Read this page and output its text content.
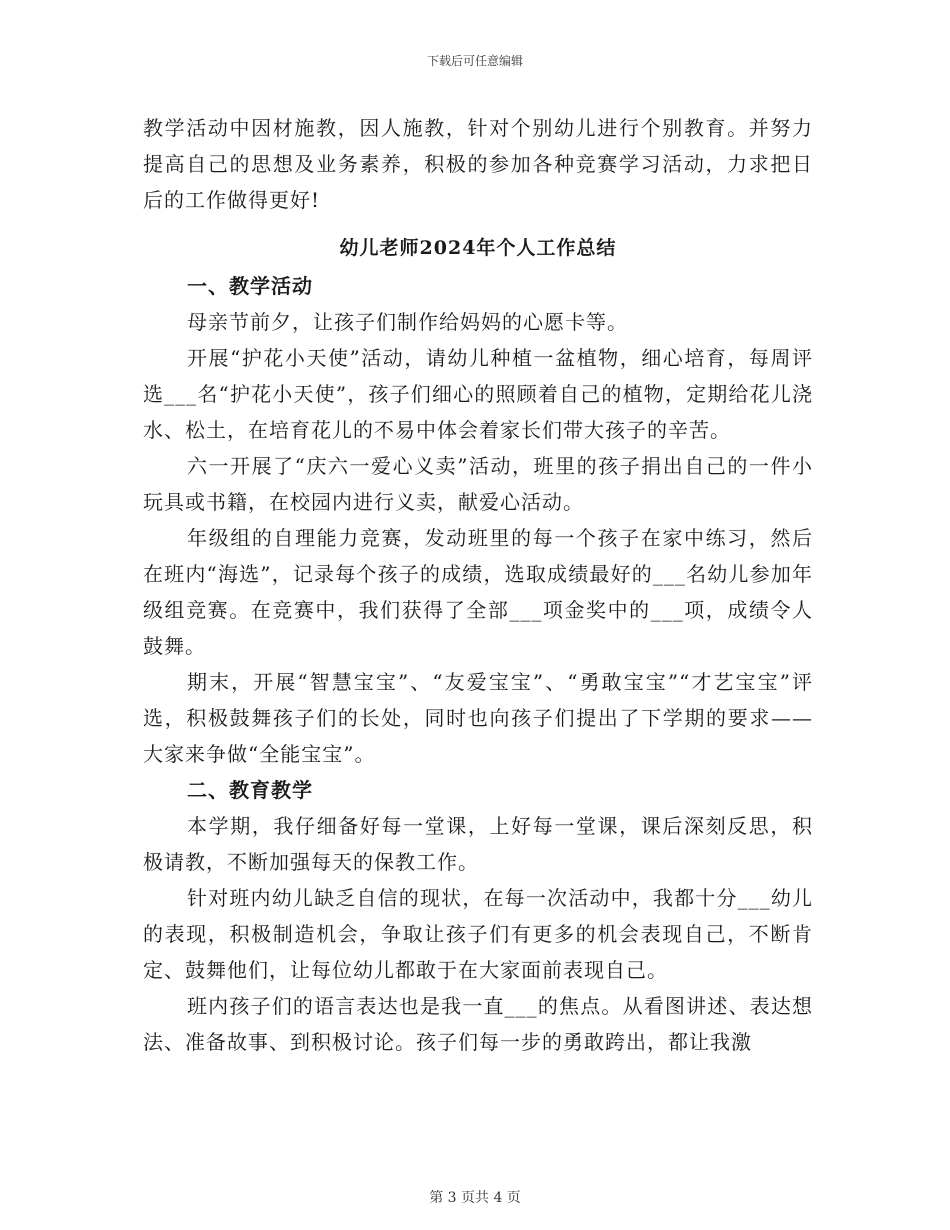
下载后可任意编辑

教学活动中因材施教，因人施教，针对个别幼儿进行个别教育。并努力提高自己的思想及业务素养，积极的参加各种竞赛学习活动，力求把日后的工作做得更好!

幼儿老师2024年个人工作总结

一、教学活动

母亲节前夕，让孩子们制作给妈妈的心愿卡等。

开展“护花小天使”活动，请幼儿种植一盆植物，细心培育，每周评选___名“护花小天使”，孩子们细心的照顾着自己的植物，定期给花儿浇水、松土，在培育花儿的不易中体会着家长们带大孩子的辛苦。

六一开展了“庆六一爱心义卖”活动，班里的孩子捐出自己的一件小玩具或书籍，在校园内进行义卖，献爱心活动。

年级组的自理能力竞赛，发动班里的每一个孩子在家中练习，然后在班内“海选”，记录每个孩子的成绩，选取成绩最好的___名幼儿参加年级组竞赛。在竞赛中，我们获得了全部___项金奖中的___项，成绩令人鼓舞。

期末，开展“智慧宝宝”、“友爱宝宝”、“勇敢宝宝”“才艺宝宝”评选，积极鼓舞孩子们的长处，同时也向孩子们提出了下学期的要求——大家来争做“全能宝宝”。

二、教育教学

本学期，我仔细备好每一堂课，上好每一堂课，课后深刻反思，积极请教，不断加强每天的保教工作。

针对班内幼儿缺乏自信的现状，在每一次活动中，我都十分___幼儿的表现，积极制造机会，争取让孩子们有更多的机会表现自己，不断肯定、鼓舞他们，让每位幼儿都敢于在大家面前表现自己。

班内孩子们的语言表达也是我一直___的焦点。从看图讲述、表达想法、准备故事、到积极讨论。孩子们每一步的勇敢跨出，都让我激

第 3 页共 4 页
